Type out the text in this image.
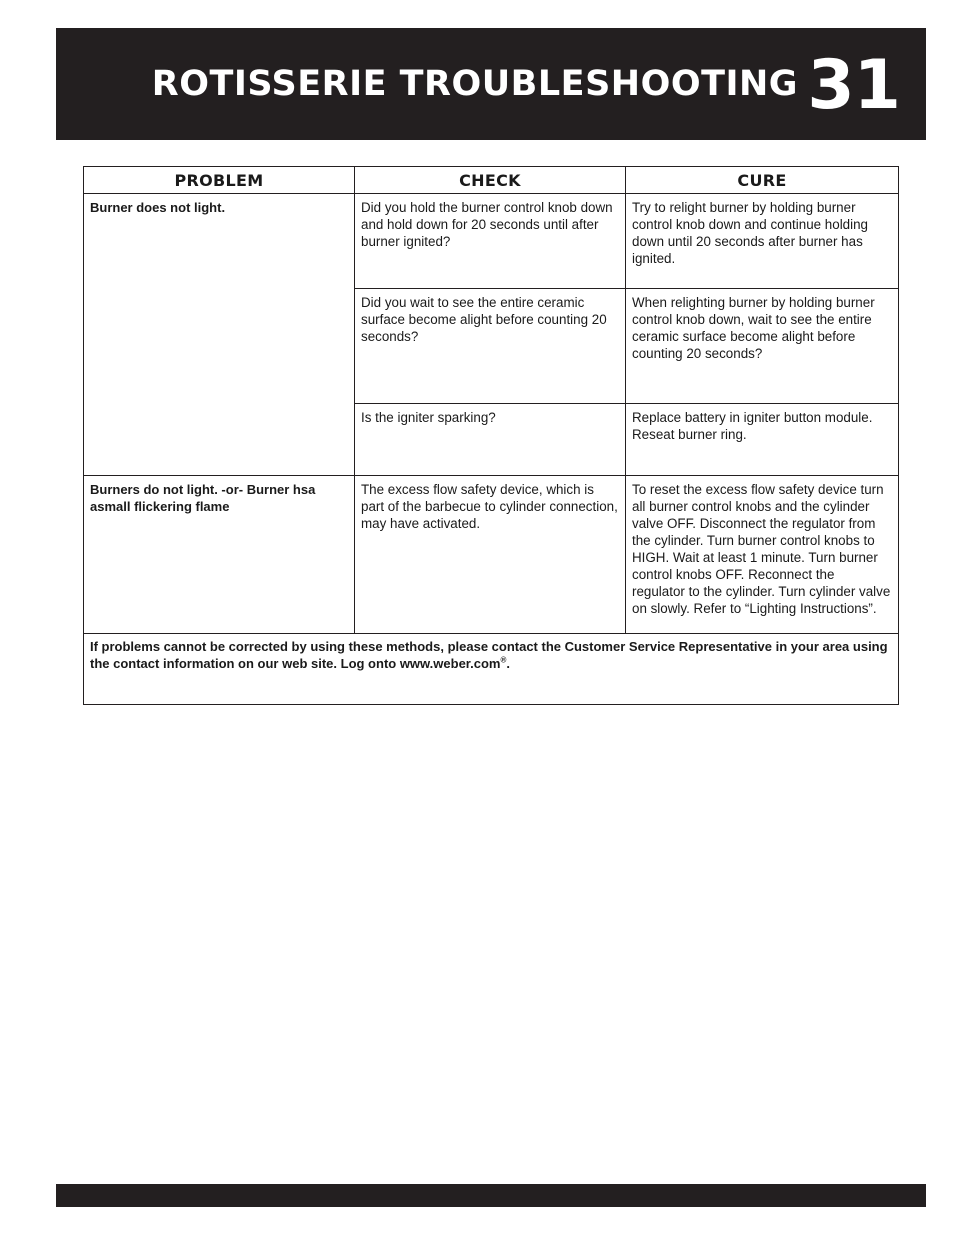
ROTISSERIE TROUBLESHOOTING 31
PROBLEM	CHECK	CURE
Burner does not light.	Did you hold the burner control knob down and hold down for 20 seconds until after burner ignited?	Try to relight burner by holding burner control knob down and continue holding down until 20 seconds after burner has ignited.
	Did you wait to see the entire ceramic surface become alight before counting 20 seconds?	When relighting burner by holding burner control knob down, wait to see the entire ceramic surface become alight before counting 20 seconds?
	Is the igniter sparking?	Replace battery in igniter button module. Reseat burner ring.
Burners do not light. -or- Burner hsa asmall flickering flame	The excess flow safety device, which is part of the barbecue to cylinder connection, may have activated.	To reset the excess flow safety device turn all burner control knobs and the cylinder valve OFF. Disconnect the regulator from the cylinder. Turn burner control knobs to HIGH. Wait at least 1 minute. Turn burner control knobs OFF. Reconnect the regulator to the cylinder. Turn cylinder valve on slowly. Refer to “Lighting Instructions”.
If problems cannot be corrected by using these methods, please contact the Customer Service Representative in your area using the contact information on our web site. Log onto www.weber.com®.		
